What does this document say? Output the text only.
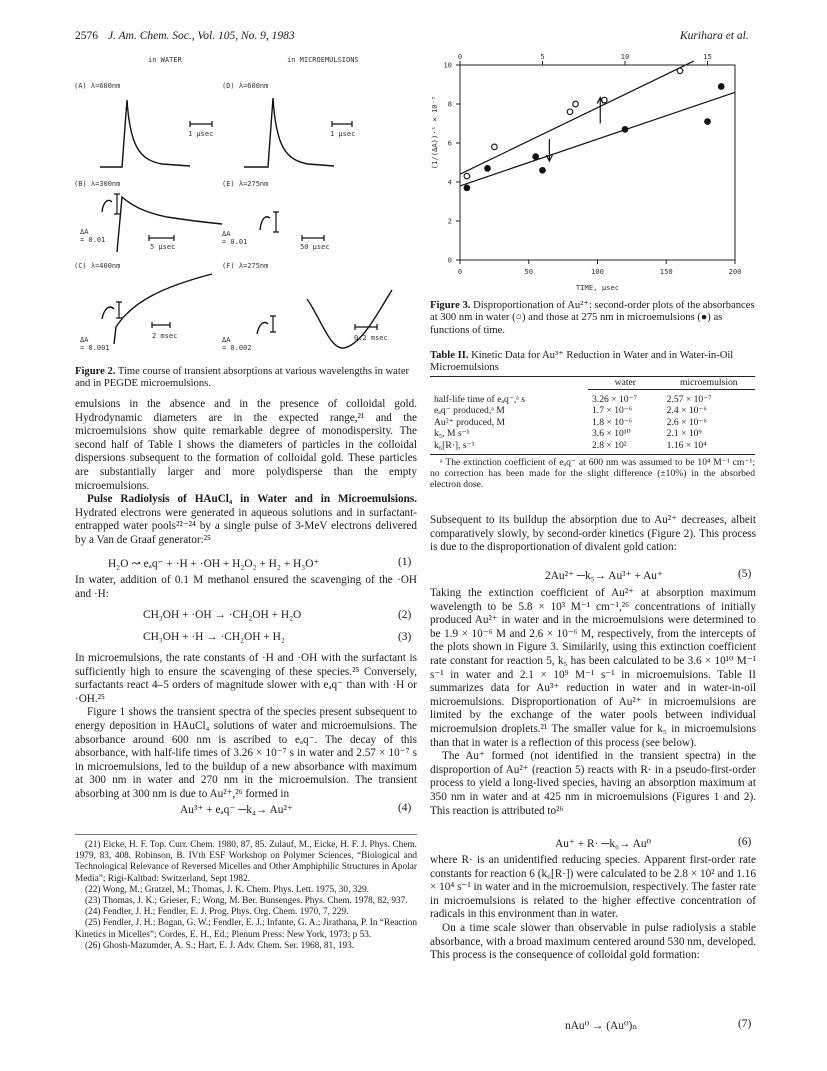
2576 J. Am. Chem. Soc., Vol. 105, No. 9, 1983	Kurihara et al.
in WATER	in MICROEMULSIONS
(A) λ=600nm	(D) λ=600nm
(B) λ=300nm	(E) λ=275nm
(C) λ=400nm	(F) λ=275nm
1 μsec	1 μsec
ΔA
= 0.01
5 μsec
ΔA
= 0.01
50 μsec
ΔA
= 0.001
2 msec	ΔA
= 0.002
0.2 msec
Figure 2. Time course of transient absorptions at various wavelengths in water and in PEGDE microemulsions.

emulsions in the absence and in the presence of colloidal gold. Hydrodynamic diameters are in the expected range,²¹ and the microemulsions show quite remarkable degree of monodispersity. The second half of Table I shows the diameters of particles in the colloidal dispersions subsequent to the formation of colloidal gold. These particles are substantially larger and more polydisperse than the empty microemulsions.

Pulse Radiolysis of HAuCl₄ in Water and in Microemulsions. Hydrated electrons were generated in aqueous solutions and in surfactant-entrapped water pools²²⁻²⁴ by a single pulse of 3-MeV electrons delivered by a Van de Graaf generator:²⁵

H₂O ↝ eₐq⁻ + ·H + ·OH + H₂O₂ + H₂ + H₃O⁺	(1)

In water, addition of 0.1 M methanol ensured the scavenging of the ·OH and ·H:

CH₃OH + ·OH → ·CH₂OH + H₂O	(2)
CH₃OH + ·H → ·CH₂OH + H₂	(3)

In microemulsions, the rate constants of ·H and ·OH with the surfactant is sufficiently high to ensure the scavenging of these species.²⁵ Conversely, surfactants react 4–5 orders of magnitude slower with eₐq⁻ than with ·H or ·OH.²⁵

Figure 1 shows the transient spectra of the species present subsequent to energy deposition in HAuCl₄ solutions of water and microemulsions. The absorbance around 600 nm is ascribed to eₐq⁻. The decay of this absorbance, with half-life times of 3.26 × 10⁻⁷ s in water and 2.57 × 10⁻⁷ s in microemulsions, led to the buildup of a new absorbance with maximum at 300 nm in water and 270 nm in the microemulsion. The transient absorbing at 300 nm is due to Au²⁺,²⁶ formed in

Au³⁺ + eₐq⁻ ─k₄→ Au²⁺	(4)
(21) Eicke, H. F. Top. Curr. Chem. 1980, 87, 85. Zulauf, M., Eicke, H. F. J. Phys. Chem. 1979, 83, 408. Robinson, B. IVth ESF Workshop on Polymer Sciences, “Biological and Technological Relevance of Reversed Micelles and Other Amphiphilic Structures in Apolar Media”; Rigi-Kaltbad: Switzerland, Sept 1982.
(22) Wong, M.; Gratzel, M.; Thomas, J. K. Chem. Phys. Lett. 1975, 30, 329.
(23) Thomas, J. K.; Grieser, F.; Wong, M. Ber. Bunsenges. Phys. Chem. 1978, 82, 937.
(24) Fendler, J. H.; Fendler, E. J. Prog. Phys. Org. Chem. 1970, 7, 229.
(25) Fendler, J. H.; Bogan, G. W.; Fendler, E. J.; Infante, G. A.; Jirathana, P. In “Reaction Kinetics in Micelles”; Cordes, E. H., Ed.; Plenum Press: New York, 1973; p 53.
(26) Ghosh-Mazumder, A. S.; Hart, E. J. Adv. Chem. Ser. 1968, 81, 193.
0	50	100	150	200
0	5	10	15
0
2
4
6
8
10
TIME, μsec
(1/(ΔA))·¹ × 10⁻⁵
Figure 3. Disproportionation of Au²⁺: second-order plots of the absorbances at 300 nm in water (○) and those at 275 nm in microemulsions (●) as functions of time.
Table II. Kinetic Data for Au³⁺ Reduction in Water and in Water-in-Oil Microemulsions
	water	microemulsion

half-life time of eₐq⁻,ᵃ s	3.26 × 10⁻⁷	2.57 × 10⁻⁷
eₐq⁻ produced,ᵃ M	1.7 × 10⁻⁶	2.4 × 10⁻⁶
Au²⁺ produced, M	1.8 × 10⁻⁶	2.6 × 10⁻⁶
k₅, M s⁻¹	3.6 × 10¹⁰	2.1 × 10⁹
k₆[R·], s⁻¹	2.8 × 10²	1.16 × 10⁴
ᵃ The extinction coefficient of eₐq⁻ at 600 nm was assumed to be 10⁴ M⁻¹ cm⁻¹; no correction has been made for the slight difference (±10%) in the absorbed electron dose.

Subsequent to its buildup the absorption due to Au²⁺ decreases, albeit comparatively slowly, by second-order kinetics (Figure 2). This process is due to the disproportionation of divalent gold cation:

2Au²⁺ ─k₅→ Au³⁺ + Au⁺	(5)

Taking the extinction coefficient of Au²⁺ at absorption maximum wavelength to be 5.8 × 10³ M⁻¹ cm⁻¹,²⁶ concentrations of initially produced Au²⁺ in water and in the microemulsions were determined to be 1.9 × 10⁻⁶ M and 2.6 × 10⁻⁶ M, respectively, from the intercepts of the plots shown in Figure 3. Similarily, using this extinction coefficient rate constant for reaction 5, k₅ has been calculated to be 3.6 × 10¹⁰ M⁻¹ s⁻¹ in water and 2.1 × 10⁹ M⁻¹ s⁻¹ in microemulsions. Table II summarizes data for Au³⁺ reduction in water and in water-in-oil microemulsions. Disproportionation of Au²⁺ in microemulsions are limited by the exchange of the water pools between individual microemulsion droplets.²¹ The smaller value for k₅ in microemulsions than that in water is a reflection of this process (see below).

The Au⁺ formed (not identified in the transient spectra) in the disproportion of Au²⁺ (reaction 5) reacts with R· in a pseudo-first-order process to yield a long-lived species, having an absorption maximum at 350 nm in water and at 425 nm in microemulsions (Figures 1 and 2). This reaction is attributed to²⁶

Au⁺ + R· ─k₆→ Au⁰	(6)

where R· is an unidentified reducing species. Apparent first-order rate constants for reaction 6 (k₆[R·]) were calculated to be 2.8 × 10² and 1.16 × 10⁴ s⁻¹ in water and in the microemulsion, respectively. The faster rate in microemulsions is related to the higher effective concentration of radicals in this environment than in water.

On a time scale slower than observable in pulse radiolysis a stable absorbance, with a broad maximum centered around 530 nm, developed. This process is the consequence of colloidal gold formation:

nAu⁰ → (Au⁰)ₙ	(7)
